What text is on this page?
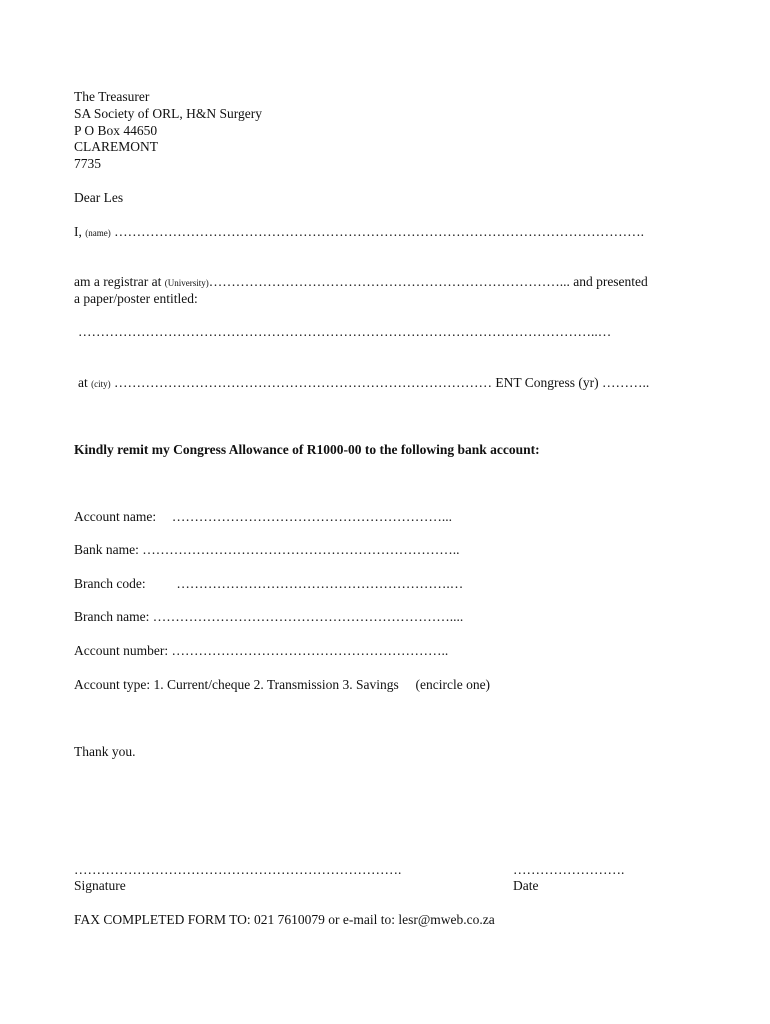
The Treasurer
SA Society of ORL, H&N Surgery
P O Box 44650
CLAREMONT
7735
Dear Les
I, (name) ……………………………………………………………………………………………………….
am a registrar at (University)……………………………………………………………………... and presented
a paper/poster entitled:
……………………………………………………………………………………………………..…
at (city) ………………………………………………………………………… ENT Congress (yr) ………..
Kindly remit my Congress Allowance of R1000-00 to the following bank account:
Account name: ……………………………………………………...
Bank name: ……………………………………………………………..
Branch code: …………………………………………………….…
Branch name: …………………………………………………………....
Account number: ……………………………………………………..
Account type: 1. Current/cheque 2. Transmission 3. Savings (encircle one)
Thank you.
……………………………………………………………….
Signature
…………………….
Date
FAX COMPLETED FORM TO: 021 7610079 or e-mail to: lesr@mweb.co.za
